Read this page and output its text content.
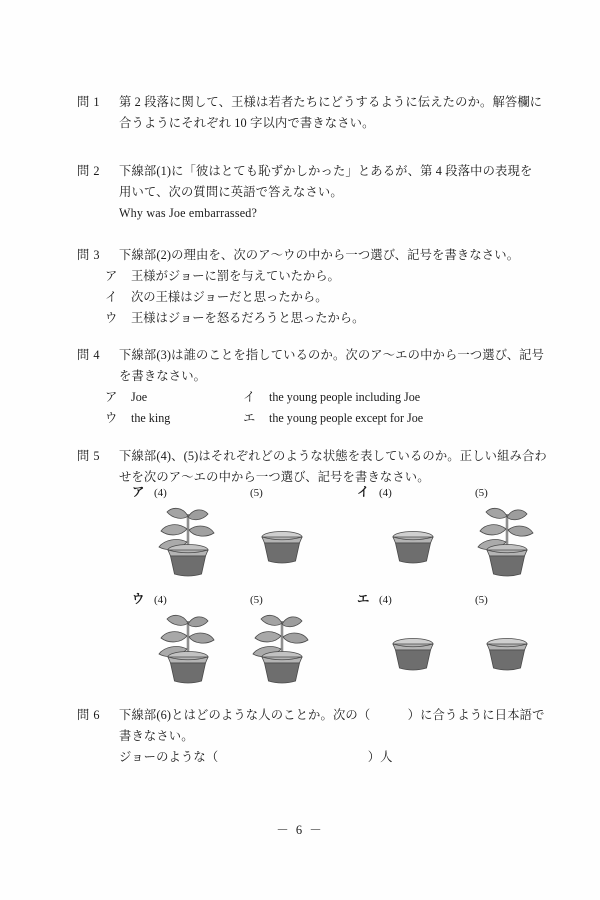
問 1	第 2 段落に関して、王様は若者たちにどうするように伝えたのか。解答欄に
合うようにそれぞれ 10 字以内で書きなさい。
問 2	下線部(1)に「彼はとても恥ずかしかった」とあるが、第 4 段落中の表現を
用いて、次の質問に英語で答えなさい。
Why was Joe embarrassed?
問 3	下線部(2)の理由を、次のア〜ウの中から一つ選び、記号を書きなさい。
ア	王様がジョーに罰を与えていたから。
イ	次の王様はジョーだと思ったから。
ウ	王様はジョーを怒るだろうと思ったから。
問 4	下線部(3)は誰のことを指しているのか。次のア〜エの中から一つ選び、記号
を書きなさい。
ア	Joe	イ	the young people including Joe
ウ	the king	エ	the young people except for Joe
問 5	下線部(4)、(5)はそれぞれどのような状態を表しているのか。正しい組み合わ
せを次のア〜エの中から一つ選び、記号を書きなさい。
ア (4)	(5)	イ (4)	(5)
ウ (4)	(5)	エ (4)	(5)
問 6	下線部(6)とはどのような人のことか。次の（　　　）に合うように日本語で
書きなさい。
ジョーのような（　　　　　　　　　　　　）人
－ 6 －
